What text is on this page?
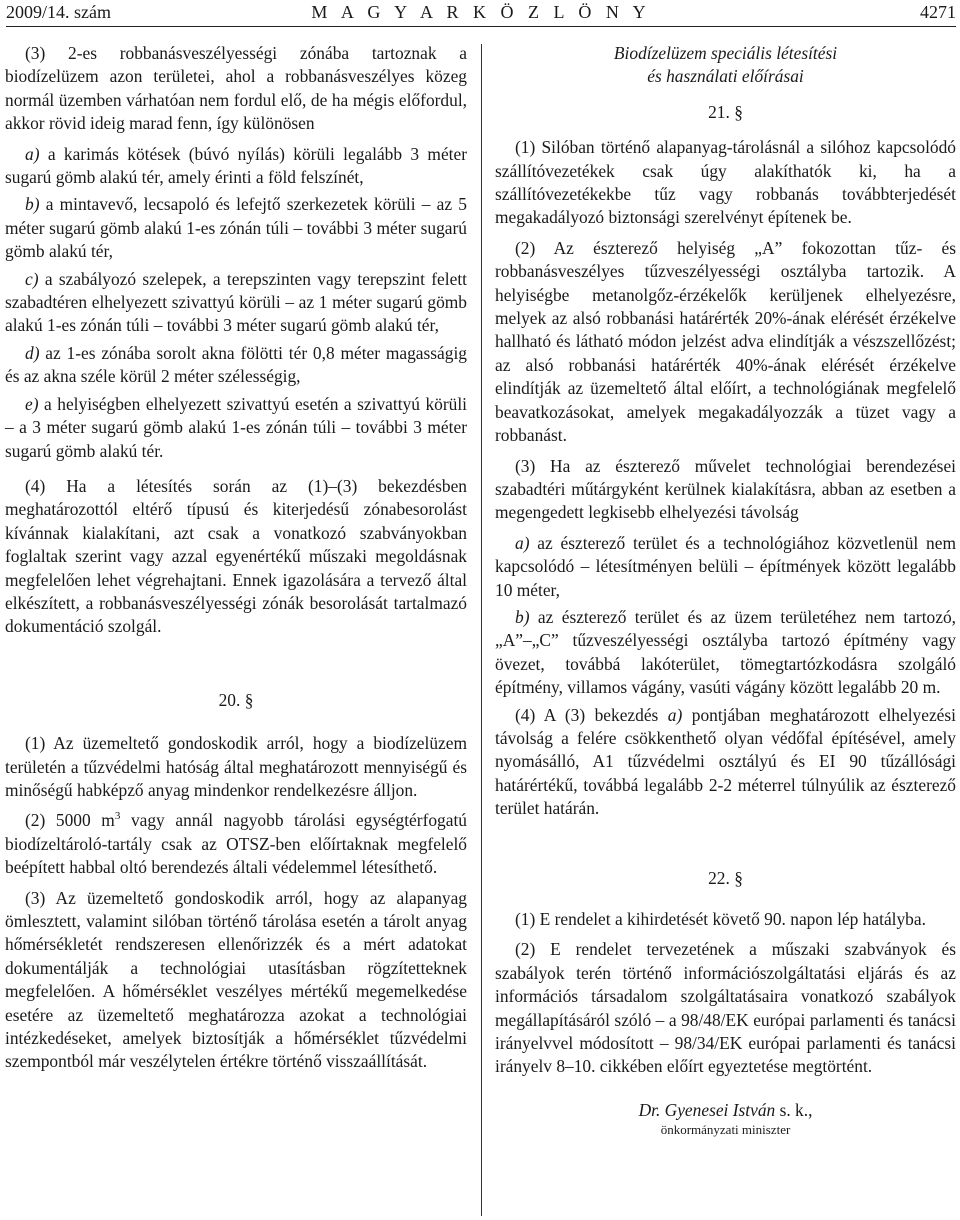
2009/14. szám	M A G Y A R K Ö Z L Ö N Y	4271

(3) 2-es robbanásveszélyességi zónába tartoznak a biodízelüzem azon területei, ahol a robbanásveszélyes közeg normál üzemben várhatóan nem fordul elő, de ha mégis előfordul, akkor rövid ideig marad fenn, így különösen

a) a karimás kötések (búvó nyílás) körüli legalább 3 méter sugarú gömb alakú tér, amely érinti a föld felszínét,

b) a mintavevő, lecsapoló és lefejtő szerkezetek körüli – az 5 méter sugarú gömb alakú 1-es zónán túli – további 3 méter sugarú gömb alakú tér,

c) a szabályozó szelepek, a terepszinten vagy terepszint felett szabadtéren elhelyezett szivattyú körüli – az 1 méter sugarú gömb alakú 1-es zónán túli – további 3 méter sugarú gömb alakú tér,

d) az 1-es zónába sorolt akna fölötti tér 0,8 méter magasságig és az akna széle körül 2 méter szélességig,

e) a helyiségben elhelyezett szivattyú esetén a szivattyú körüli – a 3 méter sugarú gömb alakú 1-es zónán túli – további 3 méter sugarú gömb alakú tér.

(4) Ha a létesítés során az (1)–(3) bekezdésben meghatározottól eltérő típusú és kiterjedésű zónabesorolást kívánnak kialakítani, azt csak a vonatkozó szabványokban foglaltak szerint vagy azzal egyenértékű műszaki megoldásnak megfelelően lehet végrehajtani. Ennek igazolására a tervező által elkészített, a robbanásveszélyességi zónák besorolását tartalmazó dokumentáció szolgál.

20. §

(1) Az üzemeltető gondoskodik arról, hogy a biodízelüzem területén a tűzvédelmi hatóság által meghatározott mennyiségű és minőségű habképző anyag mindenkor rendelkezésre álljon.

(2) 5000 $m^3$ vagy annál nagyobb tárolási egységtérfogatú biodízeltároló-tartály csak az OTSZ-ben előírtaknak megfelelő beépített habbal oltó berendezés általi védelemmel létesíthető.

(3) Az üzemeltető gondoskodik arról, hogy az alapanyag ömlesztett, valamint silóban történő tárolása esetén a tárolt anyag hőmérsékletét rendszeresen ellenőrizzék és a mért adatokat dokumentálják a technológiai utasításban rögzítetteknek megfelelően. A hőmérséklet veszélyes mértékű megemelkedése esetére az üzemeltető meghatározza azokat a technológiai intézkedéseket, amelyek biztosítják a hőmérséklet tűzvédelmi szempontból már veszélytelen értékre történő visszaállítását.

Biodízelüzem speciális létesítési

és használati előírásai

21. §

(1) Silóban történő alapanyag-tárolásnál a silóhoz kapcsolódó szállítóvezetékek csak úgy alakíthatók ki, ha a szállítóvezetékekbe tűz vagy robbanás továbbterjedését megakadályozó biztonsági szerelvényt építenek be.

(2) Az észterező helyiség „A” fokozottan tűz- és robbanásveszélyes tűzveszélyességi osztályba tartozik. A helyiségbe metanolgőz-érzékelők kerüljenek elhelyezésre, melyek az alsó robbanási határérték 20%-ának elérését érzékelve hallható és látható módon jelzést adva elindítják a vészszellőzést; az alsó robbanási határérték 40%-ának elérését érzékelve elindítják az üzemeltető által előírt, a technológiának megfelelő beavatkozásokat, amelyek megakadályozzák a tüzet vagy a robbanást.

(3) Ha az észterező művelet technológiai berendezései szabadtéri műtárgyként kerülnek kialakításra, abban az esetben a megengedett legkisebb elhelyezési távolság

a) az észterező terület és a technológiához közvetlenül nem kapcsolódó – létesítményen belüli – építmények között legalább 10 méter,

b) az észterező terület és az üzem területéhez nem tartozó, „A”–„C” tűzveszélyességi osztályba tartozó építmény vagy övezet, továbbá lakóterület, tömegtartózkodásra szolgáló építmény, villamos vágány, vasúti vágány között legalább 20 m.

(4) A (3) bekezdés a) pontjában meghatározott elhelyezési távolság a felére csökkenthető olyan védőfal építésével, amely nyomásálló, A1 tűzvédelmi osztályú és EI 90 tűzállósági határértékű, továbbá legalább 2-2 méterrel túlnyúlik az észterező terület határán.

22. §

(1) E rendelet a kihirdetését követő 90. napon lép hatályba.

(2) E rendelet tervezetének a műszaki szabványok és szabályok terén történő információszolgáltatási eljárás és az információs társadalom szolgáltatásaira vonatkozó szabályok megállapításáról szóló – a 98/48/EK európai parlamenti és tanácsi irányelvvel módosított – 98/34/EK európai parlamenti és tanácsi irányelv 8–10. cikkében előírt egyeztetése megtörtént.

Dr. Gyenesei István s. k.,

önkormányzati miniszter
